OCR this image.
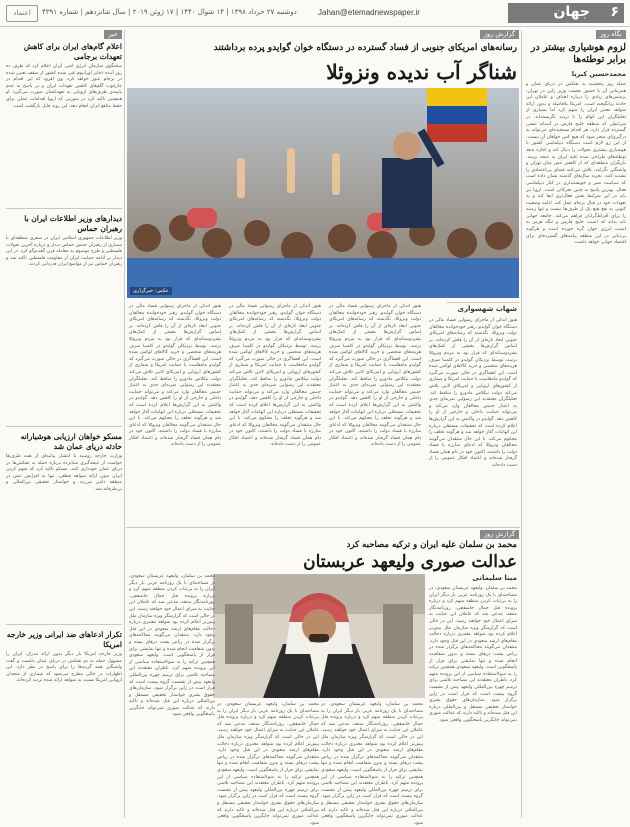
۶
جهان
Jahan@etemadnewspaper.ir
دوشنبه ۲۷ خرداد ۱۳۹۸ | ۱۴ شوال ۱۴۴۰ | ۱۷ ژوئن ۲۰۱۹ | سال شانزدهم | شماره ۴۳۹۱
اعتماد
نگاه روز
لزوم هوشیاری بیشتر در برابر توطئه‌ها
محمدحسین کبریا
حمله روز پنجشنبه به نفتکش در دریای عمان و همزمانی آن با حضور نخست وزیر ژاپن در تهران، پرسش‌های زیادی را درباره اهداف و عاملان این حادثه برانگیخته است. امریکا بلافاصله و بدون ارائه شواهد معتبر ایران را متهم کرد اما بسیاری از تحلیلگران این اتهام را با تردید نگریسته‌اند. در شرایطی که منطقه خلیج فارس در آستانه تنشی گسترده قرار دارد، هر اقدام نسنجیده‌ای می‌تواند به درگیری‌ای منجر شود که هیچ کس خواهان آن نیست. از این رو لازم است دستگاه دیپلماسی کشور با هوشیاری بیشتری تحولات را دنبال کند و اجازه ندهد توطئه‌های طراحی شده علیه ایران به نتیجه برسد. بازیگران منطقه‌ای که از کاهش تنش میان تهران و واشنگتن نگرانند، تلاش می‌کنند فضای بی‌اعتمادی را تشدید کنند. تجربه سال‌های گذشته نشان داده است که سیاست صبر و خویشتنداری در کنار دیپلماسی فعال، بهترین پاسخ به چنین تحرکاتی است. اروپا نیز باید در این شرایط نقش فعال‌تری ایفا کند و به تعهدات خود در قبال برجام عمل کند. ادامه وضعیت کنونی به نفع هیچ یک از طرف‌ها نیست و تنها زمینه را برای افراط‌گرایان فراهم می‌کند. جامعه جهانی باید بداند که امنیت خلیج فارس و تنگه هرمز به امنیت انرژی جهان گره خورده است و هرگونه بی‌ثباتی در این منطقه پیامدهای گسترده‌ای برای اقتصاد جهانی خواهد داشت.
خبر
اعلام گام‌های ایران برای کاهش تعهدات برجامی
سخنگوی سازمان انرژی اتمی ایران اعلام کرد که ظرف ده روز آینده ذخایر اورانیوم غنی شده کشور از سقف تعیین شده در برجام عبور خواهد کرد. وی افزود که این اقدام در چارچوب گام‌های کاهش تعهدات ایران و در پاسخ به عدم پایبندی طرف‌های اروپایی به تعهداتشان صورت می‌گیرد. او همچنین تاکید کرد در صورتی که اروپا اقدامات عملی برای حفظ منافع ایران انجام دهد، این روند قابل بازگشت است.
دیدارهای وزیر اطلاعات ایران با رهبران حماس
وزیر اطلاعات جمهوری اسلامی ایران در سفری منطقه‌ای با شماری از رهبران جنبش حماس دیدار و درباره آخرین تحولات فلسطین و طرح موسوم به معامله قرن گفت‌وگو کرد. در این دیدار بر ادامه حمایت ایران از مقاومت فلسطین تاکید شد و رهبران حماس نیز از مواضع ایران قدردانی کردند.
مسکو خواهان ارزیابی هوشیارانه حادثه دریای عمان شد
وزارت خارجه روسیه با انتشار بیانیه‌ای از همه طرف‌ها خواست از نتیجه‌گیری شتابزده درباره حمله به نفتکش‌ها در دریای عمان خودداری کنند. مسکو تاکید کرد که متهم کردن ایران بدون ارائه شواهد قطعی، تنها به افزایش تنش در منطقه دامن می‌زند و خواستار تحقیقی بین‌المللی و بی‌طرفانه شد.
تکرار ادعاهای ضد ایرانی وزیر خارجه امریکا
وزیر خارجه امریکا بار دیگر بدون ارائه مدرک، ایران را مسوول حمله به دو نفتکش در دریای عمان دانست و گفت واشنگتن همه گزینه‌ها را برای پاسخ در نظر دارد. این اظهارات در حالی مطرح می‌شود که شماری از متحدان اروپایی امریکا نسبت به شواهد ارائه شده تردید کرده‌اند.
گزارش روز
رسانه‌های امریکای جنوبی از فساد گسترده در دستگاه خوان گوایدو پرده برداشتند
شناگر آب ندیده ونزوئلا
عکس: خبرگزاری
شهاب شهسواری
هنوز اندکی از ماجرای رسوایی فساد مالی در دستگاه خوان گوایدو، رهبر خودخوانده مخالفان دولت ونزوئلا، نگذشته که رسانه‌های امریکای جنوبی ابعاد تازه‌ای از آن را فاش کرده‌اند. بر اساس گزارش‌ها بخشی از کمک‌های بشردوستانه‌ای که قرار بود به مردم ونزوئلا برسد، توسط نزدیکان گوایدو در کلمبیا صرف هزینه‌های شخصی و خرید کالاهای لوکس شده است. این افشاگری در حالی صورت می‌گیرد که گوایدو ماه‌هاست با حمایت امریکا و شماری از کشورهای اروپایی و امریکای لاتین تلاش می‌کند دولت نیکلاس مادورو را ساقط کند. تحلیلگران معتقدند این رسوایی ضربه‌ای جدی به اعتبار جنبش مخالفان وارد می‌کند و می‌تواند حمایت داخلی و خارجی از او را کاهش دهد. گوایدو در واکنش به این گزارش‌ها اعلام کرده است که تحقیقات مستقلی درباره این اتهامات آغاز خواهد شد و هرگونه تخلف را محکوم می‌کند. با این حال منتقدان می‌گویند مخالفان ونزوئلا که ادعای مبارزه با فساد دولت را داشتند، اکنون خود در دام همان فساد گرفتار شده‌اند و اعتماد افکار عمومی را از دست داده‌اند.
هنوز اندکی از ماجرای رسوایی فساد مالی در دستگاه خوان گوایدو، رهبر خودخوانده مخالفان دولت ونزوئلا، نگذشته که رسانه‌های امریکای جنوبی ابعاد تازه‌ای از آن را فاش کرده‌اند. بر اساس گزارش‌ها بخشی از کمک‌های بشردوستانه‌ای که قرار بود به مردم ونزوئلا برسد، توسط نزدیکان گوایدو در کلمبیا صرف هزینه‌های شخصی و خرید کالاهای لوکس شده است. این افشاگری در حالی صورت می‌گیرد که گوایدو ماه‌هاست با حمایت امریکا و شماری از کشورهای اروپایی و امریکای لاتین تلاش می‌کند دولت نیکلاس مادورو را ساقط کند. تحلیلگران معتقدند این رسوایی ضربه‌ای جدی به اعتبار جنبش مخالفان وارد می‌کند و می‌تواند حمایت داخلی و خارجی از او را کاهش دهد. گوایدو در واکنش به این گزارش‌ها اعلام کرده است که تحقیقات مستقلی درباره این اتهامات آغاز خواهد شد و هرگونه تخلف را محکوم می‌کند. با این حال منتقدان می‌گویند مخالفان ونزوئلا که ادعای مبارزه با فساد دولت را داشتند، اکنون خود در دام همان فساد گرفتار شده‌اند و اعتماد افکار عمومی را از دست داده‌اند.
هنوز اندکی از ماجرای رسوایی فساد مالی در دستگاه خوان گوایدو، رهبر خودخوانده مخالفان دولت ونزوئلا، نگذشته که رسانه‌های امریکای جنوبی ابعاد تازه‌ای از آن را فاش کرده‌اند. بر اساس گزارش‌ها بخشی از کمک‌های بشردوستانه‌ای که قرار بود به مردم ونزوئلا برسد، توسط نزدیکان گوایدو در کلمبیا صرف هزینه‌های شخصی و خرید کالاهای لوکس شده است. این افشاگری در حالی صورت می‌گیرد که گوایدو ماه‌هاست با حمایت امریکا و شماری از کشورهای اروپایی و امریکای لاتین تلاش می‌کند دولت نیکلاس مادورو را ساقط کند. تحلیلگران معتقدند این رسوایی ضربه‌ای جدی به اعتبار جنبش مخالفان وارد می‌کند و می‌تواند حمایت داخلی و خارجی از او را کاهش دهد. گوایدو در واکنش به این گزارش‌ها اعلام کرده است که تحقیقات مستقلی درباره این اتهامات آغاز خواهد شد و هرگونه تخلف را محکوم می‌کند. با این حال منتقدان می‌گویند مخالفان ونزوئلا که ادعای مبارزه با فساد دولت را داشتند، اکنون خود در دام همان فساد گرفتار شده‌اند و اعتماد افکار عمومی را از دست داده‌اند.
هنوز اندکی از ماجرای رسوایی فساد مالی در دستگاه خوان گوایدو، رهبر خودخوانده مخالفان دولت ونزوئلا، نگذشته که رسانه‌های امریکای جنوبی ابعاد تازه‌ای از آن را فاش کرده‌اند. بر اساس گزارش‌ها بخشی از کمک‌های بشردوستانه‌ای که قرار بود به مردم ونزوئلا برسد، توسط نزدیکان گوایدو در کلمبیا صرف هزینه‌های شخصی و خرید کالاهای لوکس شده است. این افشاگری در حالی صورت می‌گیرد که گوایدو ماه‌هاست با حمایت امریکا و شماری از کشورهای اروپایی و امریکای لاتین تلاش می‌کند دولت نیکلاس مادورو را ساقط کند. تحلیلگران معتقدند این رسوایی ضربه‌ای جدی به اعتبار جنبش مخالفان وارد می‌کند و می‌تواند حمایت داخلی و خارجی از او را کاهش دهد. گوایدو در واکنش به این گزارش‌ها اعلام کرده است که تحقیقات مستقلی درباره این اتهامات آغاز خواهد شد و هرگونه تخلف را محکوم می‌کند. با این حال منتقدان می‌گویند مخالفان ونزوئلا که ادعای مبارزه با فساد دولت را داشتند، اکنون خود در دام همان فساد گرفتار شده‌اند و اعتماد افکار عمومی را از دست داده‌اند.
گزارش روز
محمد بن سلمان علیه ایران و ترکیه مصاحبه کرد
عدالت صوری ولیعهد عربستان
مینا سلیمانی
محمد بن سلمان، ولیعهد عربستان سعودی، در مصاحبه‌ای با یک روزنامه عربی بار دیگر ایران را به بی‌ثبات کردن منطقه متهم کرد و درباره پرونده قتل جمال خاشقچی، روزنامه‌نگار منتقد، مدعی شد که عاملان این جنایت به سزای اعمال خود خواهند رسید. این در حالی است که گزارشگر ویژه سازمان ملل پیش‌تر اعلام کرده بود شواهد معتبری درباره دخالت مقام‌های ارشد سعودی در این قتل وجود دارد. منتقدان می‌گویند محاکمه‌های برگزار شده در ریاض پشت درهای بسته و بدون شفافیت انجام شده و تنها نمایشی برای فرار از پاسخگویی است. ولیعهد سعودی همچنین ترکیه را به سوءاستفاده سیاسی از این پرونده متهم کرد. ناظران معتقدند این مصاحبه تلاشی برای ترمیم چهره بین‌المللی ولیعهد پیش از نشست گروه بیست است که قرار است در ژاپن برگزار شود. سازمان‌های حقوق بشری خواستار تحقیقی مستقل و بین‌المللی درباره این قتل شده‌اند و تاکید دارند که عدالت صوری نمی‌تواند جایگزین پاسخگویی واقعی شود.
محمد بن سلمان، ولیعهد عربستان سعودی، در مصاحبه‌ای با یک روزنامه عربی بار دیگر ایران را به بی‌ثبات کردن منطقه متهم کرد و درباره پرونده قتل جمال خاشقچی، روزنامه‌نگار منتقد، مدعی شد که عاملان این جنایت به سزای اعمال خود خواهند رسید. این در حالی است که گزارشگر ویژه سازمان ملل پیش‌تر اعلام کرده بود شواهد معتبری درباره دخالت مقام‌های ارشد سعودی در این قتل وجود دارد. منتقدان می‌گویند محاکمه‌های برگزار شده در ریاض پشت درهای بسته و بدون شفافیت انجام شده و تنها نمایشی برای فرار از پاسخگویی است. ولیعهد سعودی همچنین ترکیه را به سوءاستفاده سیاسی از این پرونده متهم کرد. ناظران معتقدند این مصاحبه تلاشی برای ترمیم چهره بین‌المللی ولیعهد پیش از نشست گروه بیست است که قرار است در ژاپن برگزار شود. سازمان‌های حقوق بشری خواستار تحقیقی مستقل و بین‌المللی درباره این قتل شده‌اند و تاکید دارند که عدالت صوری نمی‌تواند جایگزین پاسخگویی واقعی شود.
محمد بن سلمان، ولیعهد عربستان سعودی، در مصاحبه‌ای با یک روزنامه عربی بار دیگر ایران را به بی‌ثبات کردن منطقه متهم کرد و درباره پرونده قتل جمال خاشقچی، روزنامه‌نگار منتقد، مدعی شد که عاملان این جنایت به سزای اعمال خود خواهند رسید. این در حالی است که گزارشگر ویژه سازمان ملل پیش‌تر اعلام کرده بود شواهد معتبری درباره دخالت مقام‌های ارشد سعودی در این قتل وجود دارد. منتقدان می‌گویند محاکمه‌های برگزار شده در ریاض پشت درهای بسته و بدون شفافیت انجام شده و تنها نمایشی برای فرار از پاسخگویی است. ولیعهد سعودی همچنین ترکیه را به سوءاستفاده سیاسی از این پرونده متهم کرد. ناظران معتقدند این مصاحبه تلاشی برای ترمیم چهره بین‌المللی ولیعهد پیش از نشست گروه بیست است که قرار است در ژاپن برگزار شود. سازمان‌های حقوق بشری خواستار تحقیقی مستقل و بین‌المللی درباره این قتل شده‌اند و تاکید دارند که عدالت صوری نمی‌تواند جایگزین پاسخگویی واقعی شود.
محمد بن سلمان، ولیعهد عربستان سعودی، در مصاحبه‌ای با یک روزنامه عربی بار دیگر ایران را به بی‌ثبات کردن منطقه متهم کرد و درباره پرونده قتل جمال خاشقچی، روزنامه‌نگار منتقد، مدعی شد که عاملان این جنایت به سزای اعمال خود خواهند رسید. این در حالی است که گزارشگر ویژه سازمان ملل پیش‌تر اعلام کرده بود شواهد معتبری درباره دخالت مقام‌های ارشد سعودی در این قتل وجود دارد. منتقدان می‌گویند محاکمه‌های برگزار شده در ریاض پشت درهای بسته و بدون شفافیت انجام شده و تنها نمایشی برای فرار از پاسخگویی است. ولیعهد سعودی همچنین ترکیه را به سوءاستفاده سیاسی از این پرونده متهم کرد. ناظران معتقدند این مصاحبه تلاشی برای ترمیم چهره بین‌المللی ولیعهد پیش از نشست گروه بیست است که قرار است در ژاپن برگزار شود. سازمان‌های حقوق بشری خواستار تحقیقی مستقل و بین‌المللی درباره این قتل شده‌اند و تاکید دارند که عدالت صوری نمی‌تواند جایگزین پاسخگویی واقعی شود.
